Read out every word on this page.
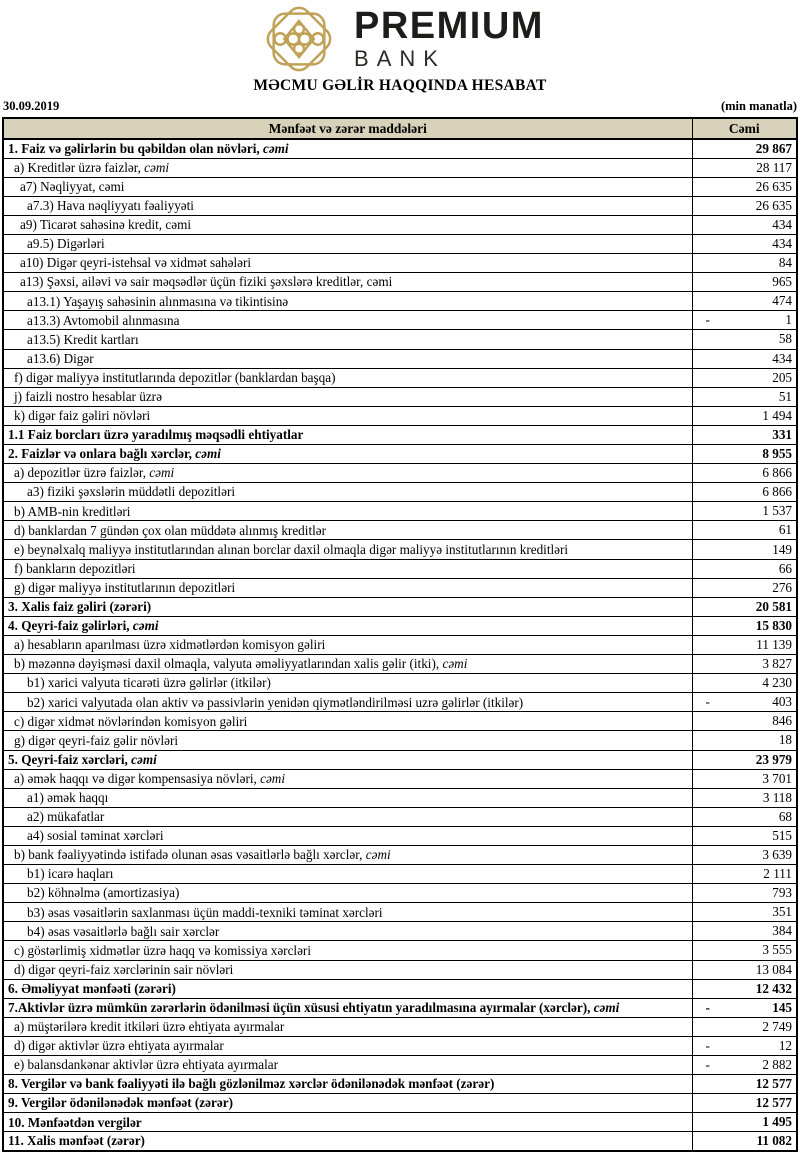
PREMIUM
BANK
MƏCMU GƏLİR HAQQINDA HESABAT
30.09.2019	(min manatla)
Mənfəət və zərər maddələri	Cəmi
1. Faiz və gəlirlərin bu qəbildən olan növləri, cəmi	29 867
a) Kreditlər üzrə faizlər, cəmi	28 117
a7) Nəqliyyat, cəmi	26 635
a7.3) Hava nəqliyyatı fəaliyyəti	26 635
a9) Ticarət sahəsinə kredit, cəmi	434
a9.5) Digərləri	434
a10) Digər qeyri-istehsal və xidmət sahələri	84
a13) Şəxsi, ailəvi və sair məqsədlər üçün fiziki şəxslərə kreditlər, cəmi	965
a13.1) Yaşayış sahəsinin alınmasına və tikintisinə	474
a13.3) Avtomobil alınmasına	- 1
a13.5) Kredit kartları	58
a13.6) Digər	434
f) digər maliyyə institutlarında depozitlər (banklardan başqa)	205
j) faizli nostro hesablar üzrə	51
k) digər faiz gəliri növləri	1 494
1.1 Faiz borcları üzrə yaradılmış məqsədli ehtiyatlar	331
2. Faizlər və onlara bağlı xərclər, cəmi	8 955
a) depozitlər üzrə faizlər, cəmi	6 866
a3) fiziki şəxslərin müddətli depozitləri	6 866
b) AMB-nin kreditləri	1 537
d) banklardan 7 gündən çox olan müddətə alınmış kreditlər	61
e) beynəlxalq maliyyə institutlarından alınan borclar daxil olmaqla digər maliyyə institutlarının kreditləri	149
f) bankların depozitləri	66
g) digər maliyyə institutlarının depozitləri	276
3. Xalis faiz gəliri (zərəri)	20 581
4. Qeyri-faiz gəlirləri, cəmi	15 830
a) hesabların aparılması üzrə xidmətlərdən komisyon gəliri	11 139
b) məzənnə dəyişməsi daxil olmaqla, valyuta əməliyyatlarından xalis gəlir (itki), cəmi	3 827
b1) xarici valyuta ticarəti üzrə gəlirlər (itkilər)	4 230
b2) xarici valyutada olan aktiv və passivlərin yenidən qiymətləndirilməsi uzrə gəlirlər (itkilər)	- 403
c) digər xidmət növlərindən komisyon gəliri	846
g) digər qeyri-faiz gəlir növləri	18
5. Qeyri-faiz xərcləri, cəmi	23 979
a) əmək haqqı və digər kompensasiya növləri, cəmi	3 701
a1) əmək haqqı	3 118
a2) mükafatlar	68
a4) sosial təminat xərcləri	515
b) bank fəaliyyətində istifadə olunan əsas vəsaitlərlə bağlı xərclər, cəmi	3 639
b1) icarə haqları	2 111
b2) köhnəlmə (amortizasiya)	793
b3) əsas vəsaitlərin saxlanması üçün maddi-texniki təminat xərcləri	351
b4) əsas vəsaitlərlə bağlı sair xərclər	384
c) göstərlimiş xidmətlər üzrə haqq və komissiya xərcləri	3 555
d) digər qeyri-faiz xərclərinin sair növləri	13 084
6. Əməliyyat mənfəəti (zərəri)	12 432
7.Aktivlər üzrə mümkün zərərlərin ödənilməsi üçün xüsusi ehtiyatın yaradılmasına ayırmalar (xərclər), cəmi	- 145
a) müştərilərə kredit itkiləri üzrə ehtiyata ayırmalar	2 749
d) digər aktivlər üzrə ehtiyata ayırmalar	- 12
e) balansdankənar aktivlər üzrə ehtiyata ayırmalar	- 2 882
8. Vergilər və bank fəaliyyəti ilə bağlı gözlənilməz xərclər ödənilənədək mənfəət (zərər)	12 577
9. Vergilər ödənilənədək mənfəət (zərər)	12 577
10. Mənfəətdən vergilər	1 495
11. Xalis mənfəət (zərər)	11 082
